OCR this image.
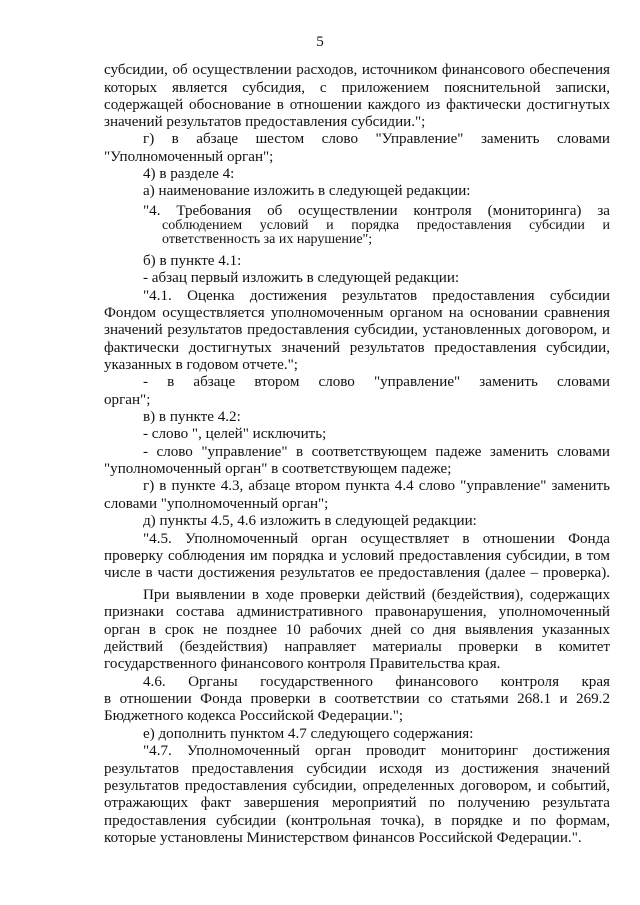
5
субсидии, об осуществлении расходов, источником финансового обеспечения
которых является субсидия, с приложением пояснительной записки,
содержащей обоснование в отношении каждого из фактически достигнутых
значений результатов предоставления субсидии.";
г) в абзаце шестом слово "Управление" заменить словами
"Уполномоченный орган";
4) в разделе 4:
а) наименование изложить в следующей редакции:
"4. Требования об осуществлении контроля (мониторинга) за
соблюдением условий и порядка предоставления субсидии и
ответственность за их нарушение";
б) в пункте 4.1:
- абзац первый изложить в следующей редакции:
"4.1. Оценка достижения результатов предоставления субсидии
Фондом осуществляется уполномоченным органом на основании сравнения
значений результатов предоставления субсидии, установленных договором, и
фактически достигнутых значений результатов предоставления субсидии,
указанных в годовом отчете.";
- в абзаце втором слово "управление" заменить словами
орган";
в) в пункте 4.2:
- слово ", целей" исключить;
- слово "управление" в соответствующем падеже заменить словами
"уполномоченный орган" в соответствующем падеже;
г) в пункте 4.3, абзаце втором пункта 4.4 слово "управление" заменить
словами "уполномоченный орган";
д) пункты 4.5, 4.6 изложить в следующей редакции:
"4.5. Уполномоченный орган осуществляет в отношении Фонда
проверку соблюдения им порядка и условий предоставления субсидии, в том
числе в части достижения результатов ее предоставления (далее – проверка).
При выявлении в ходе проверки действий (бездействия), содержащих
признаки состава административного правонарушения, уполномоченный
орган в срок не позднее 10 рабочих дней со дня выявления указанных
действий (бездействия) направляет материалы проверки в комитет
государственного финансового контроля Правительства края.
4.6. Органы государственного финансового контроля края
в отношении Фонда проверки в соответствии со статьями 268.1 и 269.2
Бюджетного кодекса Российской Федерации.";
е) дополнить пунктом 4.7 следующего содержания:
"4.7. Уполномоченный орган проводит мониторинг достижения
результатов предоставления субсидии исходя из достижения значений
результатов предоставления субсидии, определенных договором, и событий,
отражающих факт завершения мероприятий по получению результата
предоставления субсидии (контрольная точка), в порядке и по формам,
которые установлены Министерством финансов Российской Федерации.".
